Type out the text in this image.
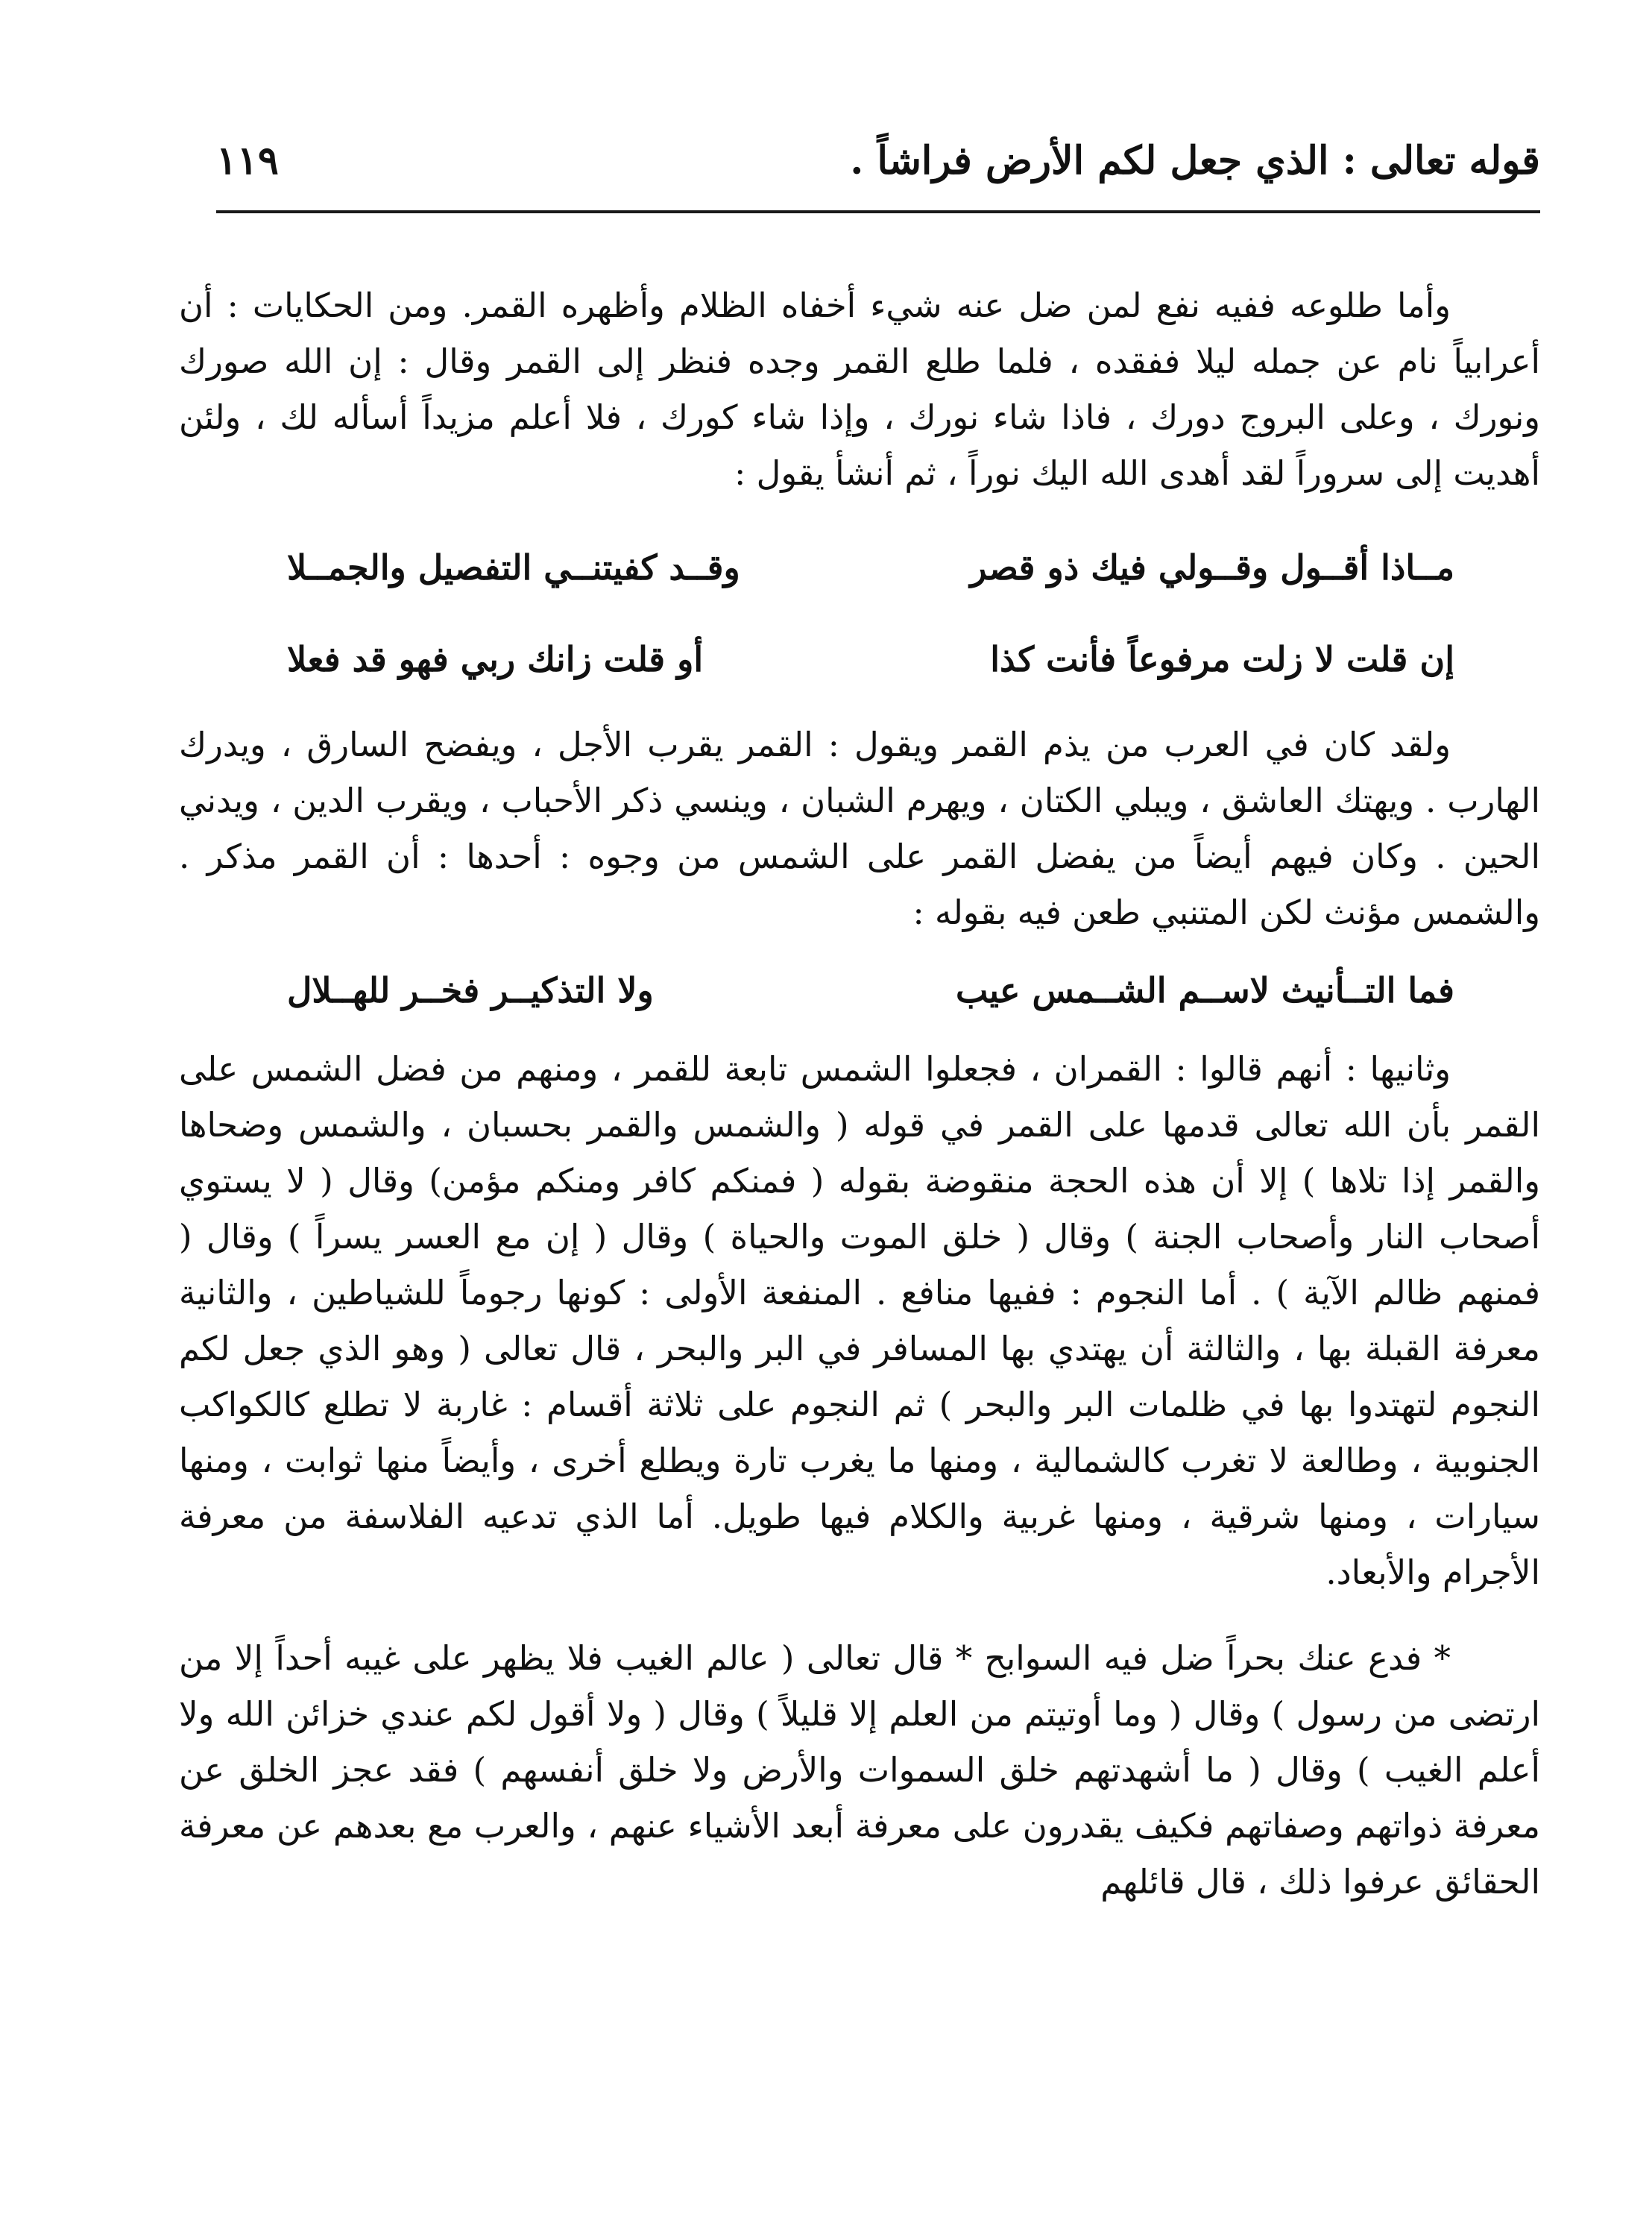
قوله تعالى : الذي جعل لكم الأرض فراشاً .
١١٩

وأما طلوعه ففيه نفع لمن ضل عنه شيء أخفاه الظلام وأظهره القمر. ومن الحكايات : أن أعرابياً نام عن جمله ليلا ففقده ، فلما طلع القمر وجده فنظر إلى القمر وقال : إن الله صورك ونورك ، وعلى البروج دورك ، فاذا شاء نورك ، وإذا شاء كورك ، فلا أعلم مزيداً أسأله لك ، ولئن أهديت إلى سروراً لقد أهدى الله اليك نوراً ، ثم أنشأ يقول :

مــاذا أقــول وقــولي فيك ذو قصر
وقــد كفيتنــي التفصيل والجمــلا
إن قلت لا زلت مرفوعاً فأنت كذا
أو قلت زانك ربي فهو قد فعلا

ولقد كان في العرب من يذم القمر ويقول : القمر يقرب الأجل ، ويفضح السارق ، ويدرك الهارب . ويهتك العاشق ، ويبلي الكتان ، ويهرم الشبان ، وينسي ذكر الأحباب ، ويقرب الدين ، ويدني الحين . وكان فيهم أيضاً من يفضل القمر على الشمس من وجوه : أحدها : أن القمر مذكر . والشمس مؤنث لكن المتنبي طعن فيه بقوله :

فما التــأنيث لاســم الشــمس عيب
ولا التذكيــر فخــر للهــلال

وثانيها : أنهم قالوا : القمران ، فجعلوا الشمس تابعة للقمر ، ومنهم من فضل الشمس على القمر بأن الله تعالى قدمها على القمر في قوله ( والشمس والقمر بحسبان ، والشمس وضحاها والقمر إذا تلاها ) إلا أن هذه الحجة منقوضة بقوله ( فمنكم كافر ومنكم مؤمن) وقال ( لا يستوي أصحاب النار وأصحاب الجنة ) وقال ( خلق الموت والحياة ) وقال ( إن مع العسر يسراً ) وقال ( فمنهم ظالم الآية ) . أما النجوم : ففيها منافع . المنفعة الأولى : كونها رجوماً للشياطين ، والثانية معرفة القبلة بها ، والثالثة أن يهتدي بها المسافر في البر والبحر ، قال تعالى ( وهو الذي جعل لكم النجوم لتهتدوا بها في ظلمات البر والبحر ) ثم النجوم على ثلاثة أقسام : غاربة لا تطلع كالكواكب الجنوبية ، وطالعة لا تغرب كالشمالية ، ومنها ما يغرب تارة ويطلع أخرى ، وأيضاً منها ثوابت ، ومنها سيارات ، ومنها شرقية ، ومنها غربية والكلام فيها طويل. أما الذي تدعيه الفلاسفة من معرفة الأجرام والأبعاد.

* فدع عنك بحراً ضل فيه السوابح * قال تعالى ( عالم الغيب فلا يظهر على غيبه أحداً إلا من ارتضى من رسول ) وقال ( وما أوتيتم من العلم إلا قليلاً ) وقال ( ولا أقول لكم عندي خزائن الله ولا أعلم الغيب ) وقال ( ما أشهدتهم خلق السموات والأرض ولا خلق أنفسهم ) فقد عجز الخلق عن معرفة ذواتهم وصفاتهم فكيف يقدرون على معرفة أبعد الأشياء عنهم ، والعرب مع بعدهم عن معرفة الحقائق عرفوا ذلك ، قال قائلهم
